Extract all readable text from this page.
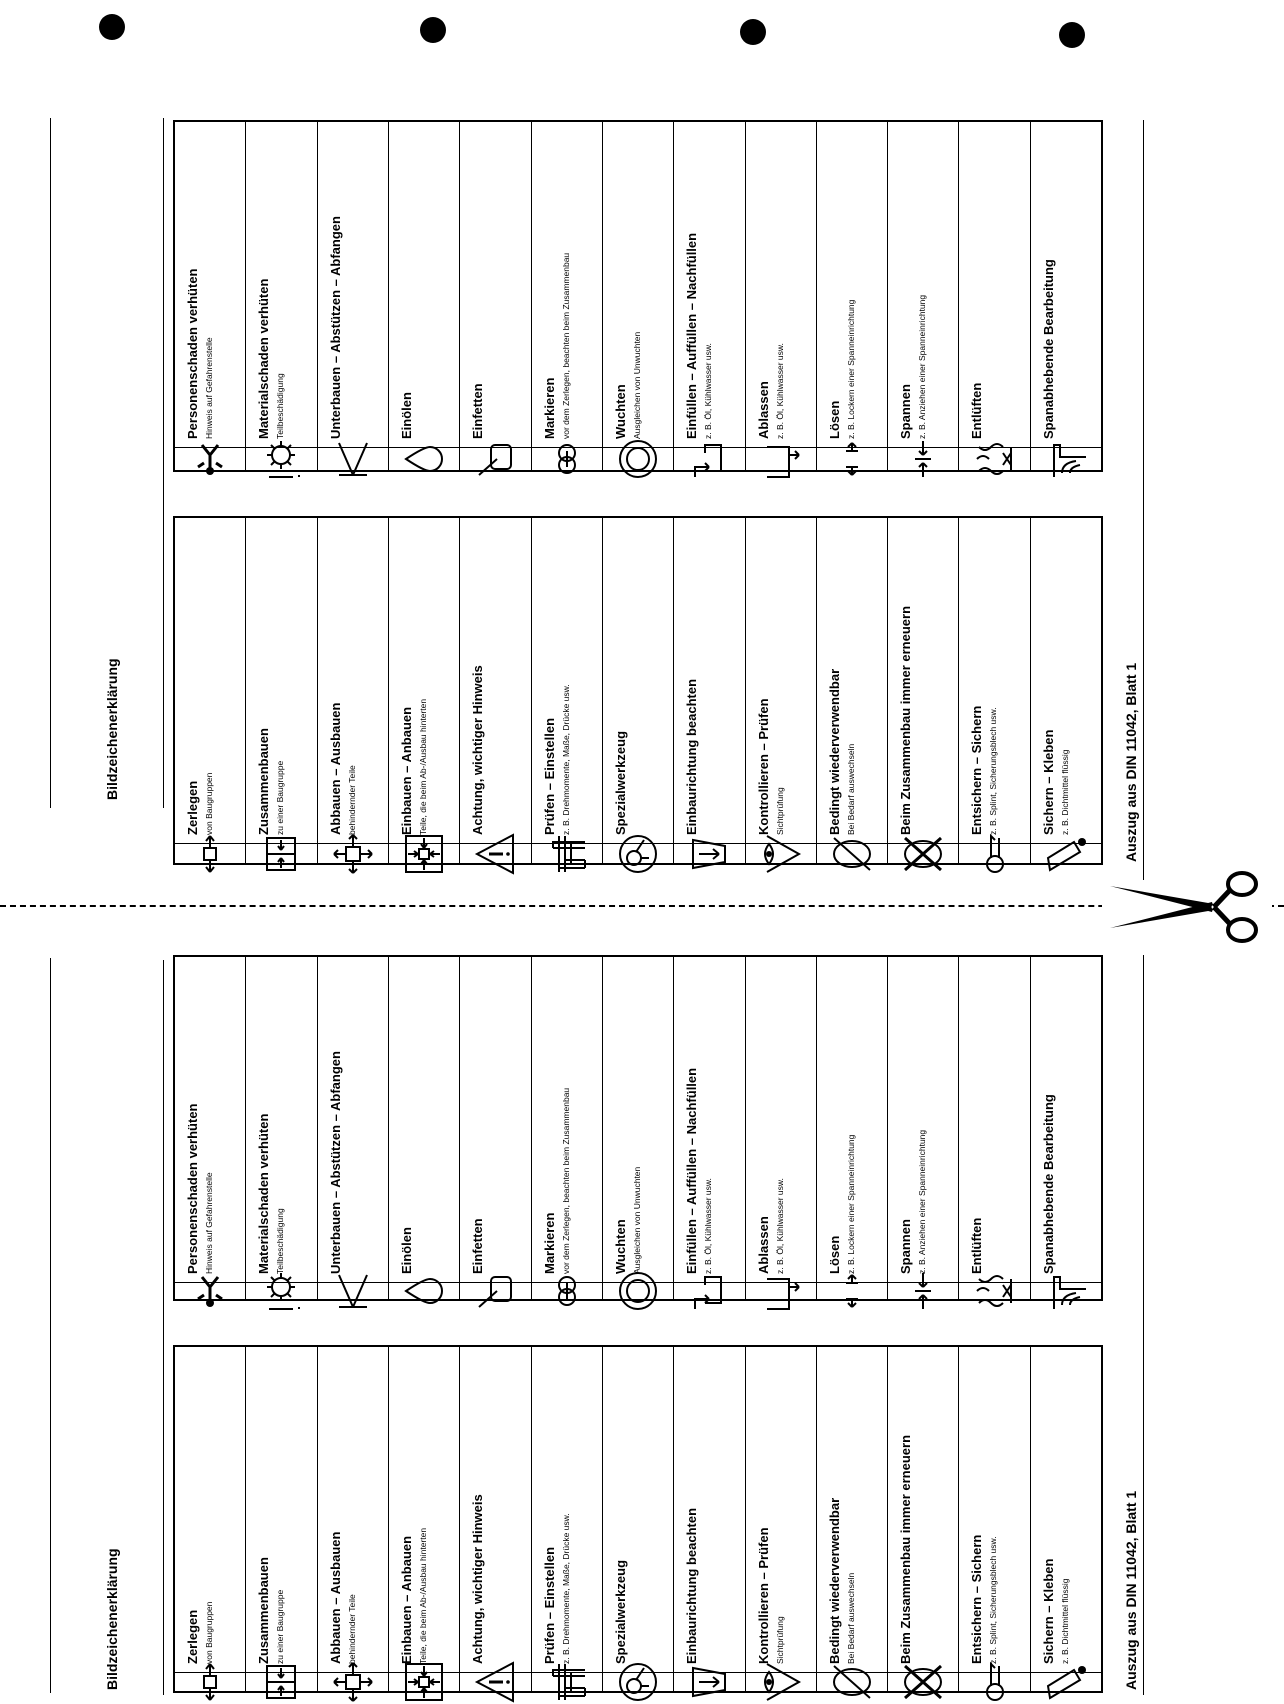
Bildzeichenerklärung
Zerlegen von Baugruppen	Zusammenbauen zu einer Baugruppe	Abbauen – Ausbauen behindernder Teile	Einbauen – Anbauen Teile, die beim Ab-/Ausbau hinterten	Achtung, wichtiger Hinweis	Prüfen – Einstellen z. B. Drehmomente, Maße, Drücke usw.	Spezialwerkzeug	Einbaurichtung beachten	Kontrollieren – Prüfen Sichtprüfung	Bedingt wiederverwendbar Bei Bedarf auswechseln	Beim Zusammenbau immer erneuern	Entsichern – Sichern z. B. Splint, Sicherungsblech usw.	Sichern – Kleben z. B. Dichtmittel flüssig
Personenschaden verhüten Hinweis auf Gefahrenstelle	Materialschaden verhüten Teilbeschädigung	Unterbauen – Abstützen – Abfangen	Einölen	Einfetten	Markieren vor dem Zerlegen, beachten beim Zusammenbau	Wuchten Ausgleichen von Unwuchten	Einfüllen – Auffüllen – Nachfüllen z. B. Öl, Kühlwasser usw.	Ablassen z. B. Öl, Kühlwasser usw.	Lösen z. B. Lockern einer Spanneinrichtung	Spannen z. B. Anziehen einer Spanneinrichtung	Entlüften	Spanabhebende Bearbeitung
Auszug aus DIN 11042, Blatt 1
Bildzeichenerklärung	Zerlegen von Baugruppen	Zusammenbauen zu einer Baugruppe	Abbauen – Ausbauen behindernder Teile	Einbauen – Anbauen Teile, die beim Ab-/Ausbau hinterten	Achtung, wichtiger Hinweis	Prüfen – Einstellen z. B. Drehmomente, Maße, Drücke usw.	Spezialwerkzeug	Einbaurichtung beachten	Kontrollieren – Prüfen Sichtprüfung	Bedingt wiederverwendbar Bei Bedarf auswechseln	Beim Zusammenbau immer erneuern	Entsichern – Sichern z. B. Splint, Sicherungsblech usw.	Sichern – Kleben z. B. Dichtmittel flüssig
Personenschaden verhüten Hinweis auf Gefahrenstelle	Materialschaden verhüten Teilbeschädigung	Unterbauen – Abstützen – Abfangen	Einölen	Einfetten	Markieren vor dem Zerlegen, beachten beim Zusammenbau	Wuchten Ausgleichen von Unwuchten	Einfüllen – Auffüllen – Nachfüllen z. B. Öl, Kühlwasser usw.	Ablassen z. B. Öl, Kühlwasser usw.	Lösen z. B. Lockern einer Spanneinrichtung	Spannen z. B. Anziehen einer Spanneinrichtung	Entlüften	Spanabhebende Bearbeitung
Auszug aus DIN 11042, Blatt 1
